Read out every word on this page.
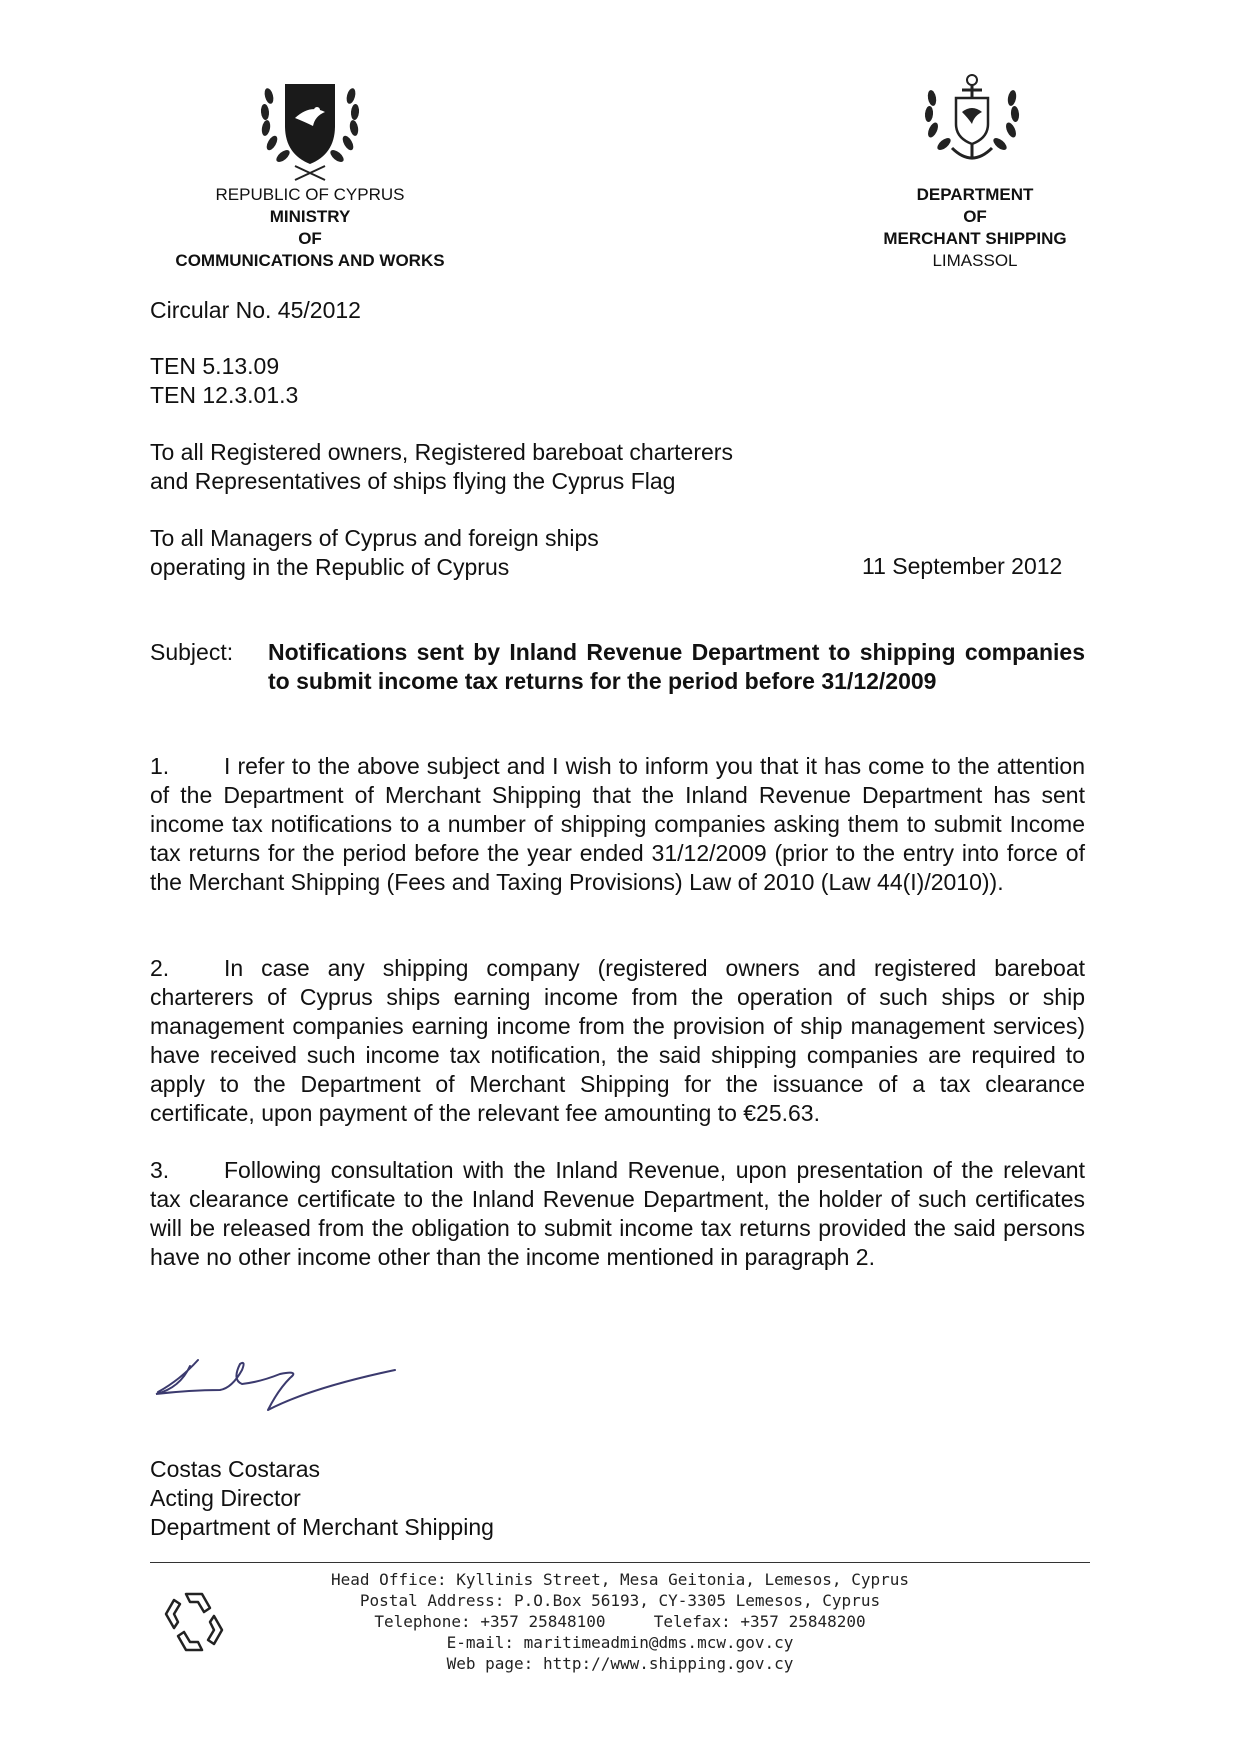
REPUBLIC OF CYPRUS
MINISTRY
OF
COMMUNICATIONS AND WORKS
DEPARTMENT
OF
MERCHANT SHIPPING
LIMASSOL
Circular No. 45/2012
TEN 5.13.09
TEN 12.3.01.3
To all Registered owners, Registered bareboat charterers
and Representatives of ships flying the Cyprus Flag
To all Managers of Cyprus and foreign ships
operating in the Republic of Cyprus	11 September 2012
Subject: Notifications sent by Inland Revenue Department to shipping companies to submit income tax returns for the period before 31/12/2009
1. I refer to the above subject and I wish to inform you that it has come to the attention of the Department of Merchant Shipping that the Inland Revenue Department has sent income tax notifications to a number of shipping companies asking them to submit Income tax returns for the period before the year ended 31/12/2009 (prior to the entry into force of the Merchant Shipping (Fees and Taxing Provisions) Law of 2010 (Law 44(I)/2010)).
2. In case any shipping company (registered owners and registered bareboat charterers of Cyprus ships earning income from the operation of such ships or ship management companies earning income from the provision of ship management services) have received such income tax notification, the said shipping companies are required to apply to the Department of Merchant Shipping for the issuance of a tax clearance certificate, upon payment of the relevant fee amounting to €25.63.
3. Following consultation with the Inland Revenue, upon presentation of the relevant tax clearance certificate to the Inland Revenue Department, the holder of such certificates will be released from the obligation to submit income tax returns provided the said persons have no other income other than the income mentioned in paragraph 2.
Costas Costaras
Acting Director
Department of Merchant Shipping
Head Office: Kyllinis Street, Mesa Geitonia, Lemesos, Cyprus
Postal Address: P.O.Box 56193, CY-3305 Lemesos, Cyprus
Telephone: +357 25848100     Telefax: +357 25848200
E-mail: maritimeadmin@dms.mcw.gov.cy
Web page: http://www.shipping.gov.cy
